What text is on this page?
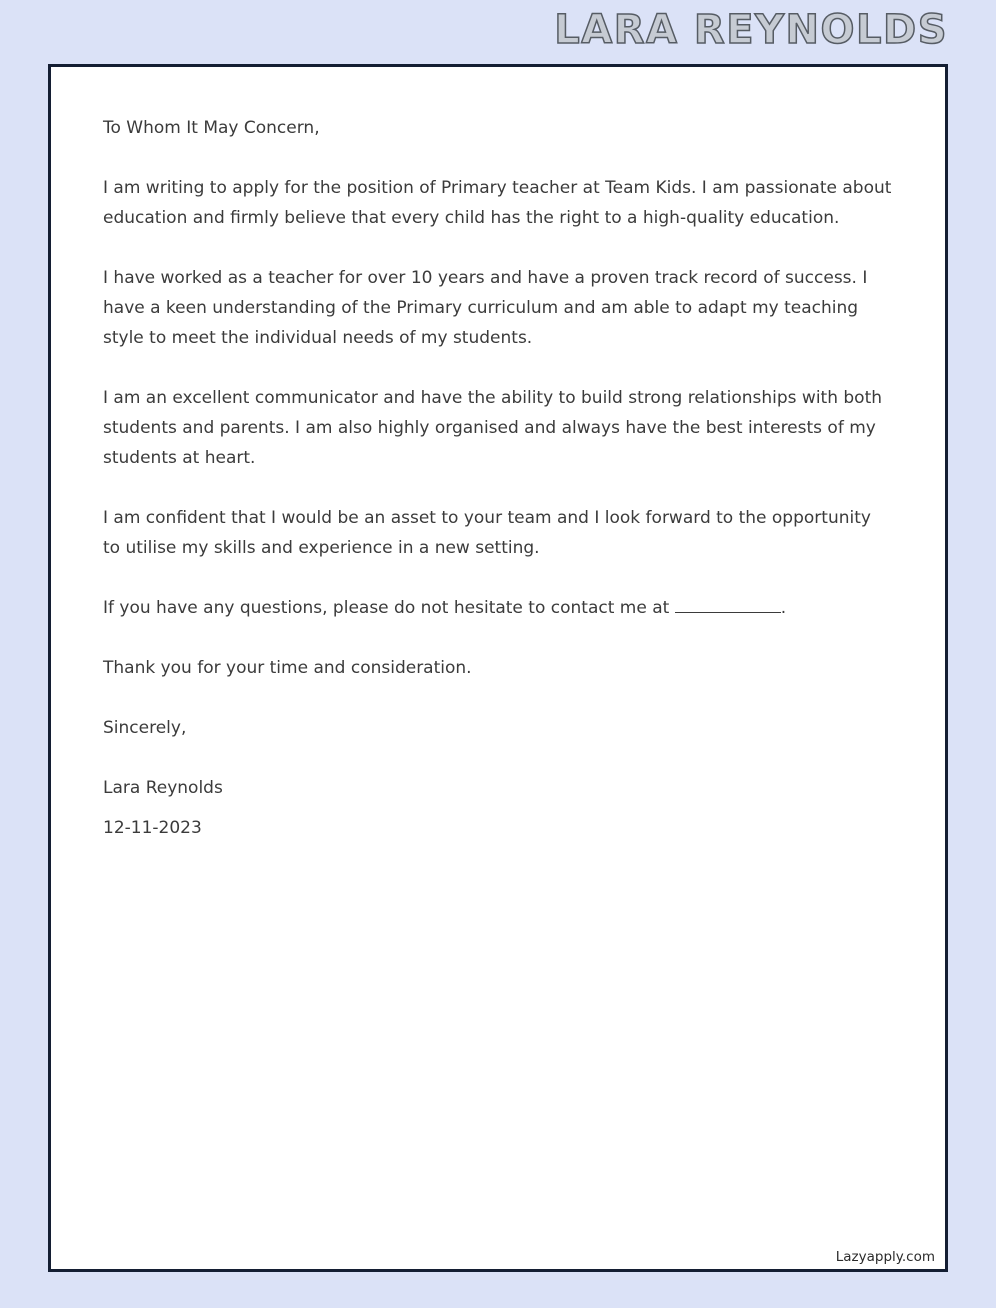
LARA REYNOLDS

To Whom It May Concern,

I am writing to apply for the position of Primary teacher at Team Kids. I am passionate about education and firmly believe that every child has the right to a high-quality education.

I have worked as a teacher for over 10 years and have a proven track record of success. I have a keen understanding of the Primary curriculum and am able to adapt my teaching style to meet the individual needs of my students.

I am an excellent communicator and have the ability to build strong relationships with both students and parents. I am also highly organised and always have the best interests of my students at heart.

I am confident that I would be an asset to your team and I look forward to the opportunity to utilise my skills and experience in a new setting.

If you have any questions, please do not hesitate to contact me at	.

Thank you for your time and consideration.

Sincerely,

Lara Reynolds

12-11-2023

Lazyapply.com
